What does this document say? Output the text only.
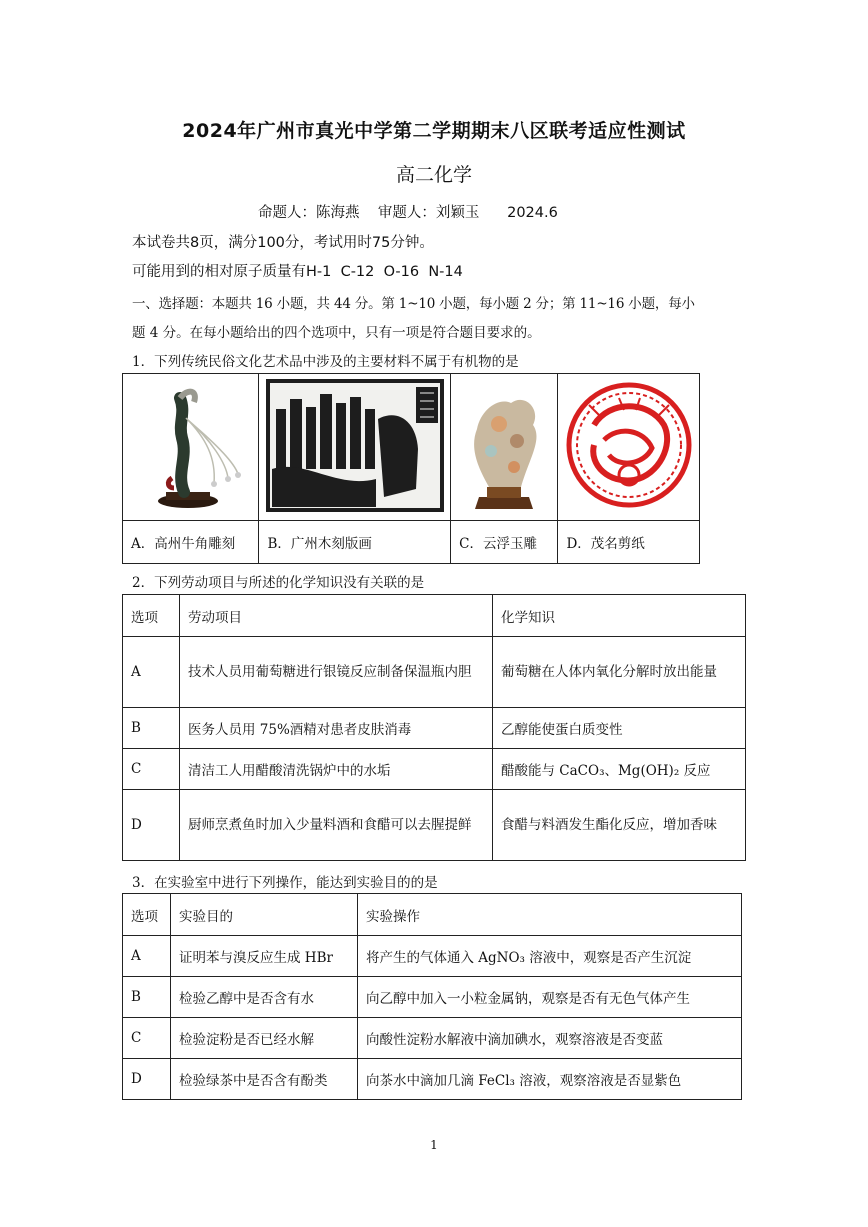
2024年广州市真光中学第二学期期末八区联考适应性测试
高二化学
命题人：陈海燕    审题人：刘颖玉      2024.6
本试卷共8页，满分100分，考试用时75分钟。
可能用到的相对原子质量有H-1  C-12  O-16  N-14
一、选择题：本题共 16 小题，共 44 分。第 1~10 小题，每小题 2 分；第 11~16 小题，每小
题 4 分。在每小题给出的四个选项中，只有一项是符合题目要求的。
1．下列传统民俗文化艺术品中涉及的主要材料不属于有机物的是

A．高州牛角雕刻	B．广州木刻版画	C．云浮玉雕	D．茂名剪纸
2．下列劳动项目与所述的化学知识没有关联的是
选项	劳动项目	化学知识
A	技术人员用葡萄糖进行银镜反应制备保温瓶内胆	葡萄糖在人体内氧化分解时放出能量
B	医务人员用 75%酒精对患者皮肤消毒	乙醇能使蛋白质变性
C	清洁工人用醋酸清洗锅炉中的水垢	醋酸能与 CaCO₃、Mg(OH)₂ 反应
D	厨师烹煮鱼时加入少量料酒和食醋可以去腥提鲜	食醋与料酒发生酯化反应，增加香味
3．在实验室中进行下列操作，能达到实验目的的是
选项	实验目的	实验操作
A	证明苯与溴反应生成 HBr	将产生的气体通入 AgNO₃ 溶液中，观察是否产生沉淀
B	检验乙醇中是否含有水	向乙醇中加入一小粒金属钠，观察是否有无色气体产生
C	检验淀粉是否已经水解	向酸性淀粉水解液中滴加碘水，观察溶液是否变蓝
D	检验绿茶中是否含有酚类	向茶水中滴加几滴 FeCl₃ 溶液，观察溶液是否显紫色
1
